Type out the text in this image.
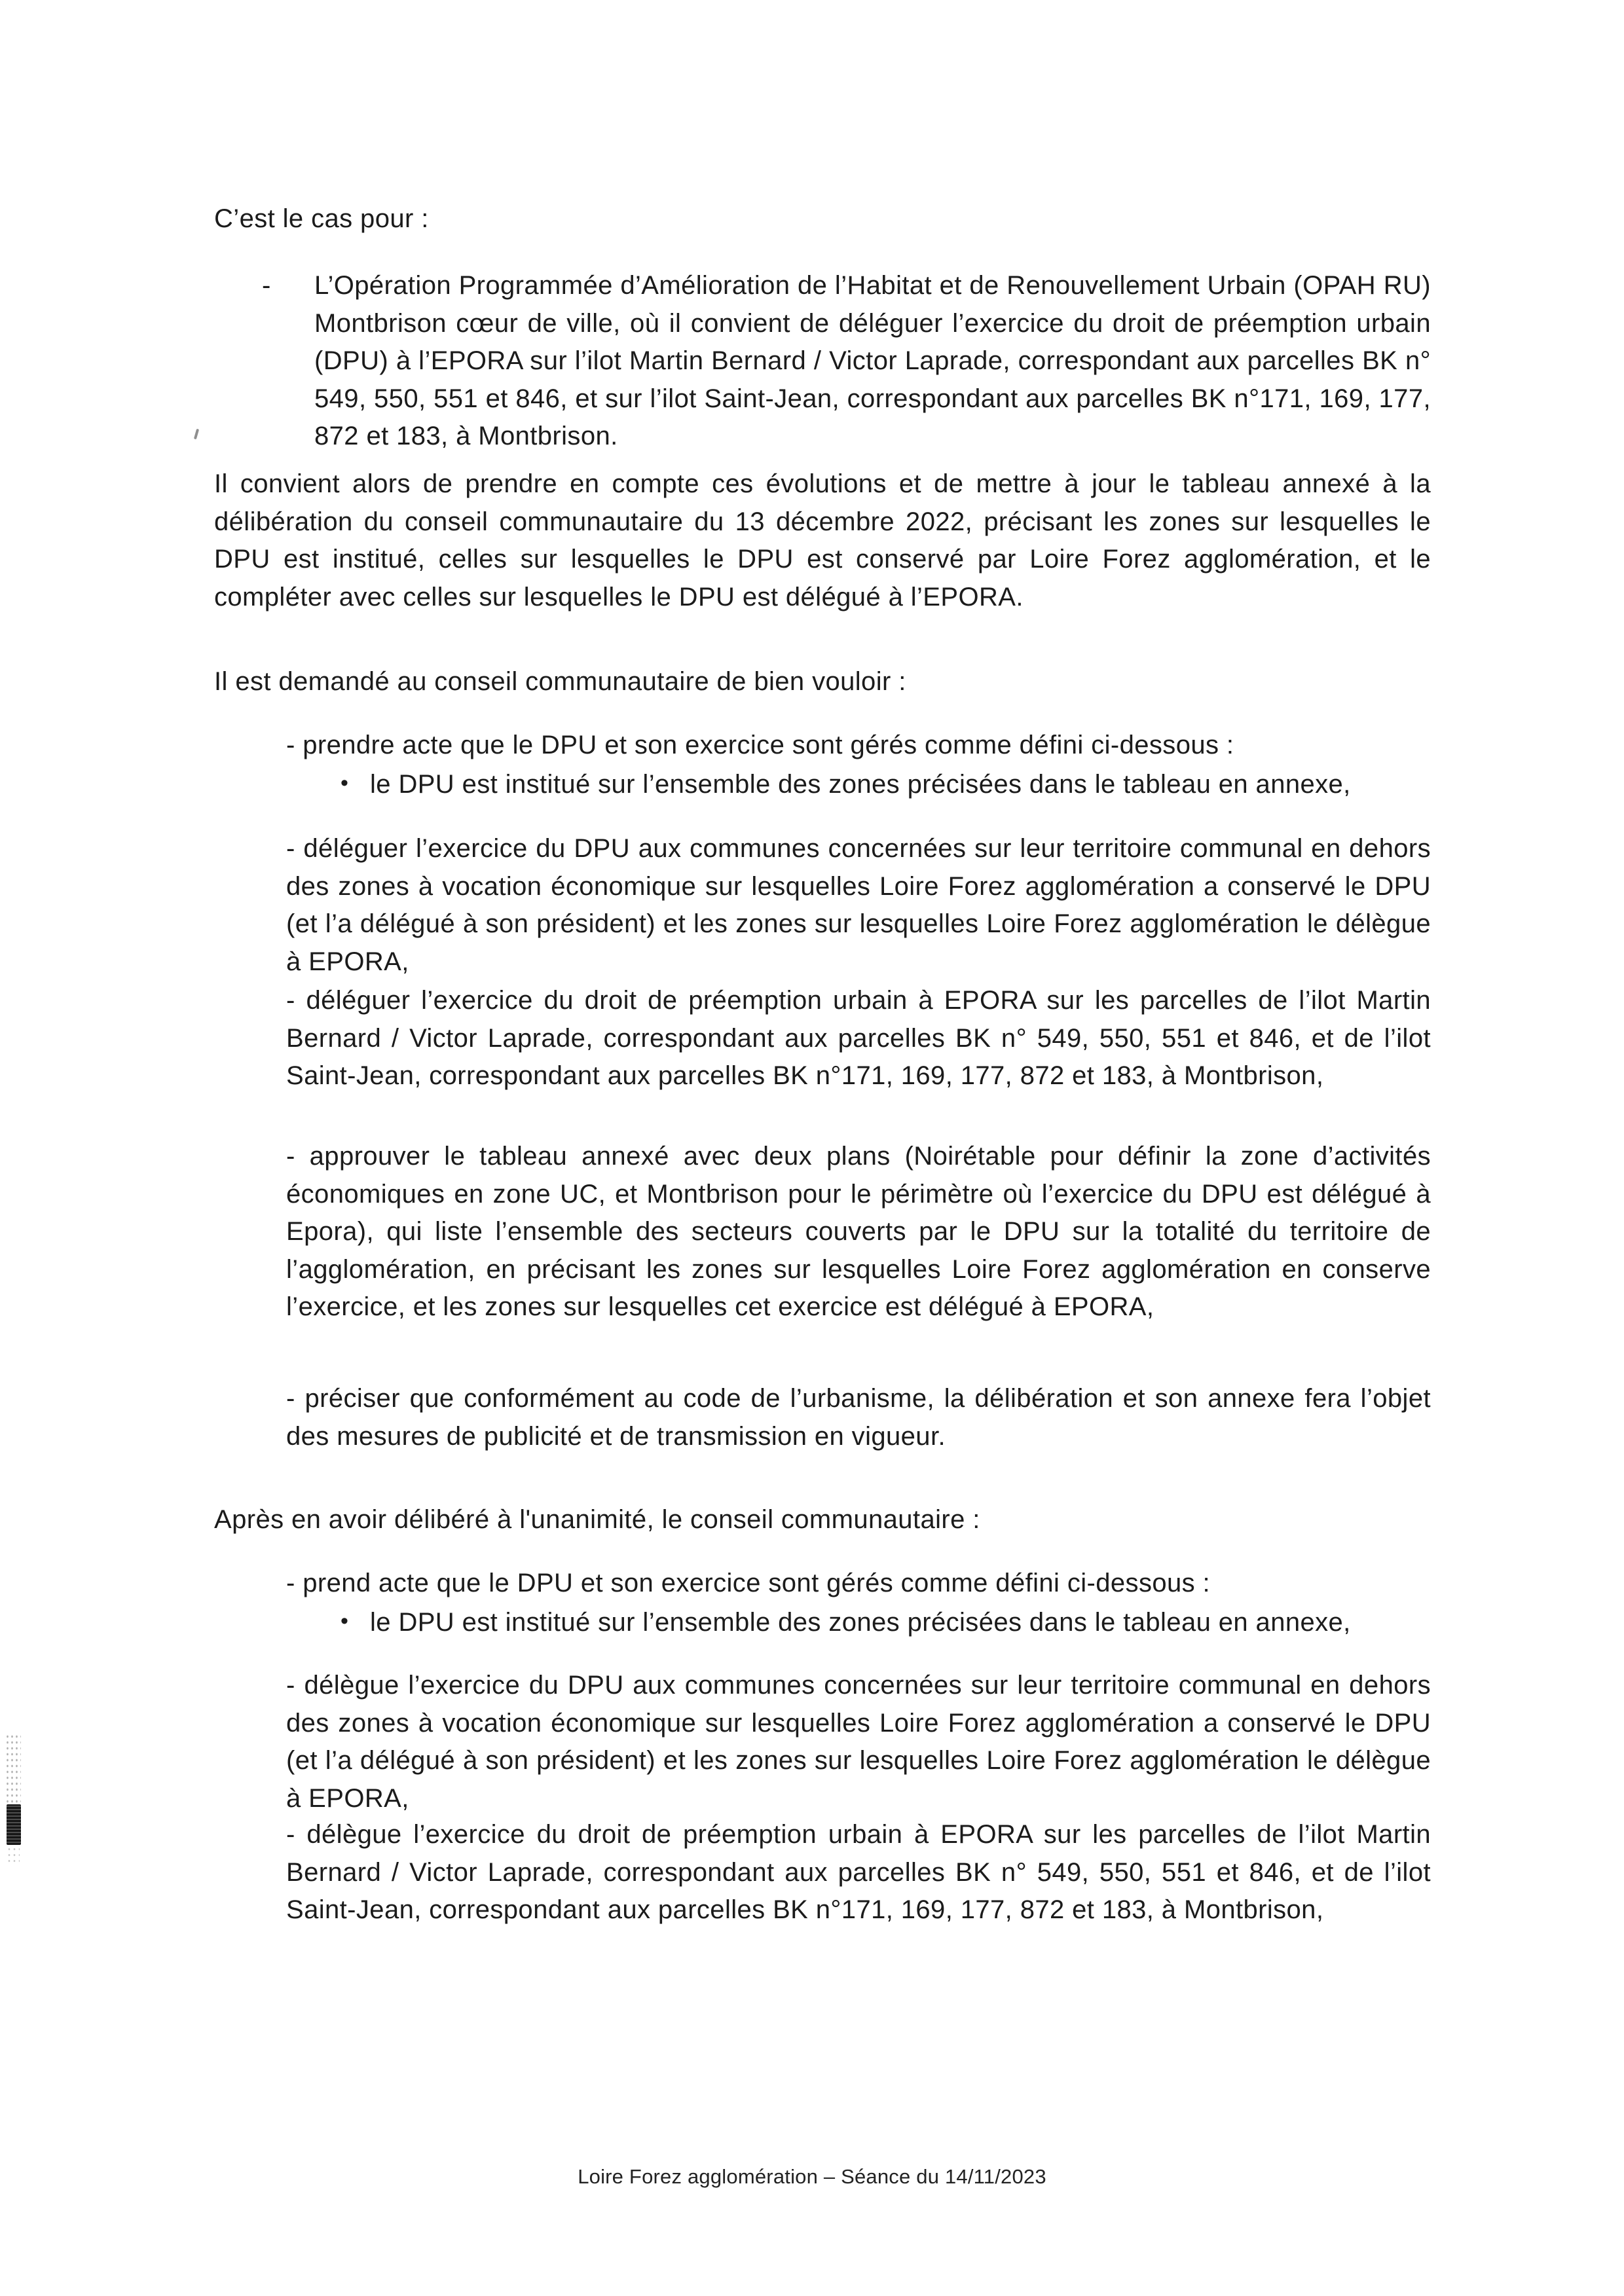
C’est le cas pour :
- L’Opération Programmée d’Amélioration de l’Habitat et de Renouvellement Urbain (OPAH RU) Montbrison cœur de ville, où il convient de déléguer l’exercice du droit de préemption urbain (DPU) à l’EPORA sur l’ilot Martin Bernard / Victor Laprade, correspondant aux parcelles BK n° 549, 550, 551 et 846, et sur l’ilot Saint-Jean, correspondant aux parcelles BK n°171, 169, 177, 872 et 183, à Montbrison.
Il convient alors de prendre en compte ces évolutions et de mettre à jour le tableau annexé à la délibération du conseil communautaire du 13 décembre 2022, précisant les zones sur lesquelles le DPU est institué, celles sur lesquelles le DPU est conservé par Loire Forez agglomération, et le compléter avec celles sur lesquelles le DPU est délégué à l’EPORA.
Il est demandé au conseil communautaire de bien vouloir :
- prendre acte que le DPU et son exercice sont gérés comme défini ci-dessous :
• le DPU est institué sur l’ensemble des zones précisées dans le tableau en annexe,
- déléguer l’exercice du DPU aux communes concernées sur leur territoire communal en dehors des zones à vocation économique sur lesquelles Loire Forez agglomération a conservé le DPU (et l’a délégué à son président) et les zones sur lesquelles Loire Forez agglomération le délègue à EPORA,
- déléguer l’exercice du droit de préemption urbain à EPORA sur les parcelles de l’ilot Martin Bernard / Victor Laprade, correspondant aux parcelles BK n° 549, 550, 551 et 846, et de l’ilot Saint-Jean, correspondant aux parcelles BK n°171, 169, 177, 872 et 183, à Montbrison,
- approuver le tableau annexé avec deux plans (Noirétable pour définir la zone d’activités économiques en zone UC, et Montbrison pour le périmètre où l’exercice du DPU est délégué à Epora), qui liste l’ensemble des secteurs couverts par le DPU sur la totalité du territoire de l’agglomération, en précisant les zones sur lesquelles Loire Forez agglomération en conserve l’exercice, et les zones sur lesquelles cet exercice est délégué à EPORA,
- préciser que conformément au code de l’urbanisme, la délibération et son annexe fera l’objet des mesures de publicité et de transmission en vigueur.
Après en avoir délibéré à l'unanimité, le conseil communautaire :
- prend acte que le DPU et son exercice sont gérés comme défini ci-dessous :
• le DPU est institué sur l’ensemble des zones précisées dans le tableau en annexe,
- délègue l’exercice du DPU aux communes concernées sur leur territoire communal en dehors des zones à vocation économique sur lesquelles Loire Forez agglomération a conservé le DPU (et l’a délégué à son président) et les zones sur lesquelles Loire Forez agglomération le délègue à EPORA,
- délègue l’exercice du droit de préemption urbain à EPORA sur les parcelles de l’ilot Martin Bernard / Victor Laprade, correspondant aux parcelles BK n° 549, 550, 551 et 846, et de l’ilot Saint-Jean, correspondant aux parcelles BK n°171, 169, 177, 872 et 183, à Montbrison,
Loire Forez agglomération – Séance du 14/11/2023
